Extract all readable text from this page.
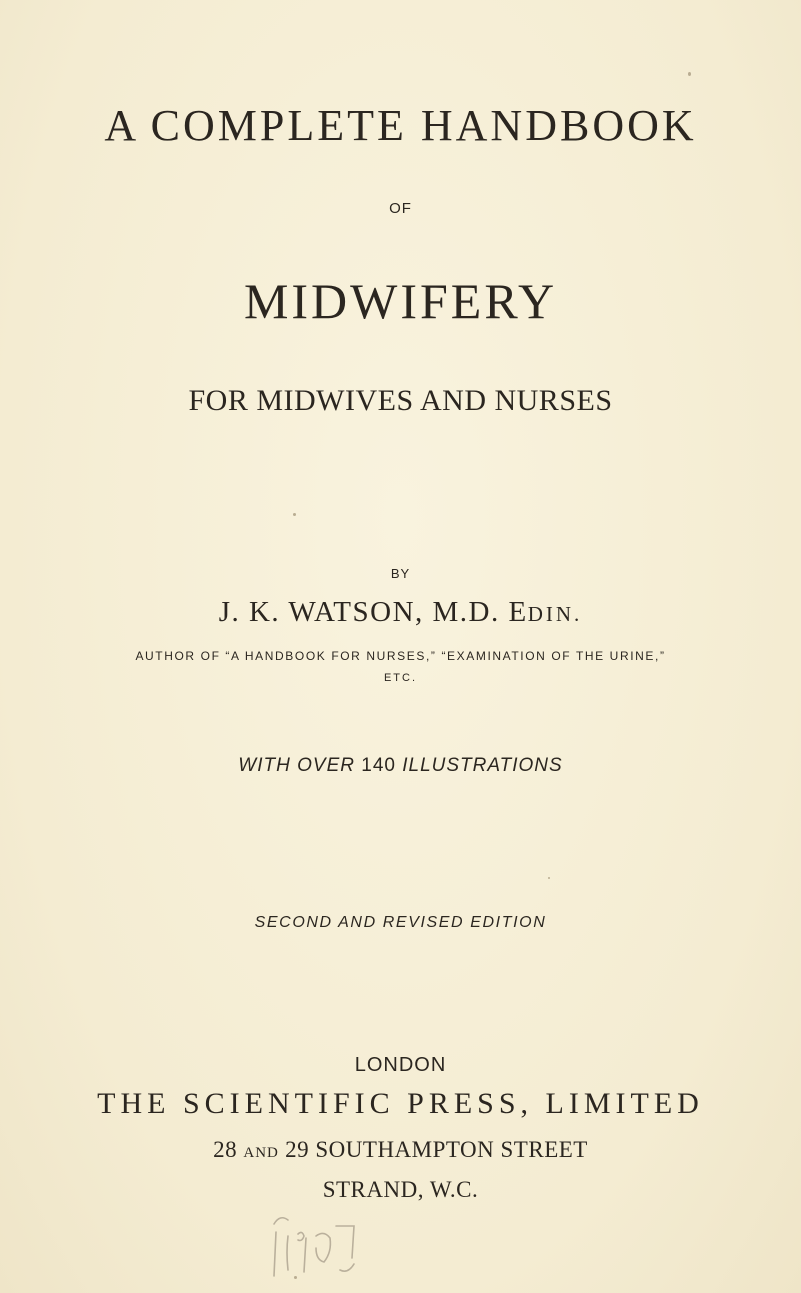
A COMPLETE HANDBOOK
OF
MIDWIFERY
FOR MIDWIVES AND NURSES
BY
J. K. WATSON, M.D. EDIN.
AUTHOR OF “A HANDBOOK FOR NURSES,” “EXAMINATION OF THE URINE,”
ETC.
WITH OVER 140 ILLUSTRATIONS
SECOND AND REVISED EDITION
LONDON
THE SCIENTIFIC PRESS, LIMITED
28 AND 29 SOUTHAMPTON STREET
STRAND, W.C.
